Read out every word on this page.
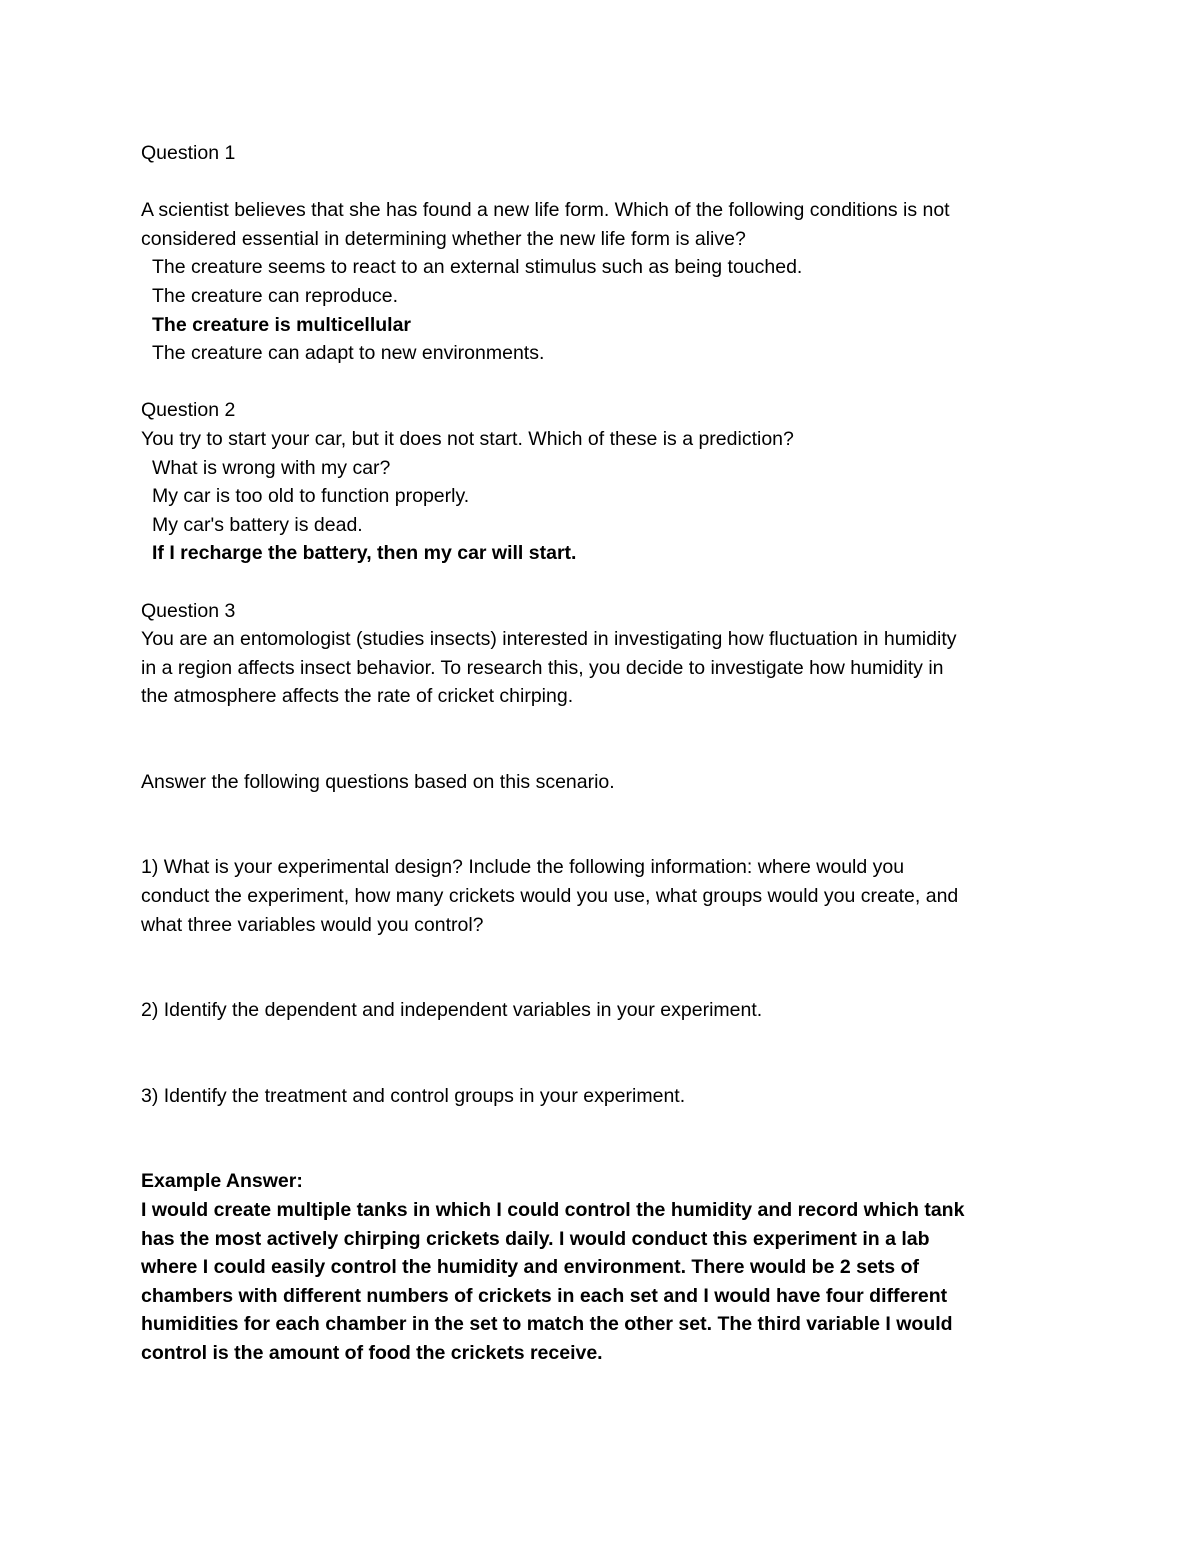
Question 1

A scientist believes that she has found a new life form. Which of the following conditions is not

considered essential in determining whether the new life form is alive?

The creature seems to react to an external stimulus such as being touched.

The creature can reproduce.

The creature is multicellular

The creature can adapt to new environments.

Question 2

You try to start your car, but it does not start. Which of these is a prediction?

What is wrong with my car?

My car is too old to function properly.

My car's battery is dead.

If I recharge the battery, then my car will start.

Question 3

You are an entomologist (studies insects) interested in investigating how fluctuation in humidity

in a region affects insect behavior. To research this, you decide to investigate how humidity in

the atmosphere affects the rate of cricket chirping.

Answer the following questions based on this scenario.

1) What is your experimental design? Include the following information: where would you

conduct the experiment, how many crickets would you use, what groups would you create, and

what three variables would you control?

2) Identify the dependent and independent variables in your experiment.

3) Identify the treatment and control groups in your experiment.

Example Answer:

I would create multiple tanks in which I could control the humidity and record which tank

has the most actively chirping crickets daily. I would conduct this experiment in a lab

where I could easily control the humidity and environment. There would be 2 sets of

chambers with different numbers of crickets in each set and I would have four different

humidities for each chamber in the set to match the other set. The third variable I would

control is the amount of food the crickets receive.
